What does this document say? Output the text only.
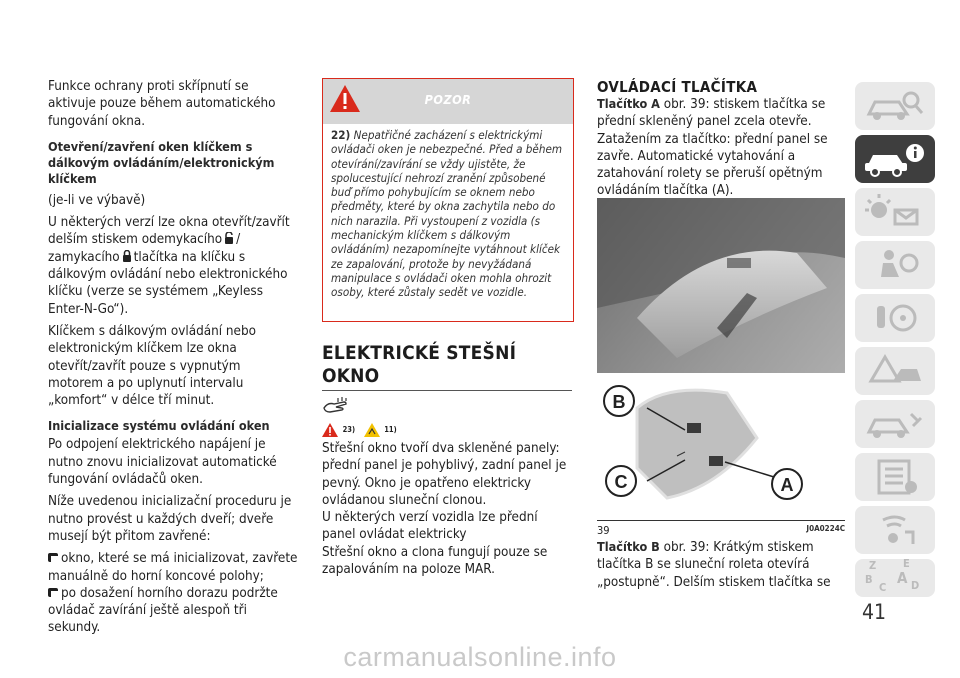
Funkce ochrany proti skřípnutí se aktivuje pouze během automatického fungování okna.

Otevření/zavření oken klíčkem s dálkovým ovládáním/elektronickým klíčkem

(je-li ve výbavě)

U některých verzí lze okna otevřít/zavřít delším stiskem odemykacího / zamykacího tlačítka na klíčku s dálkovým ovládání nebo elektronického klíčku (verze se systémem „Keyless Enter-N-Go“).

Klíčkem s dálkovým ovládání nebo elektronickým klíčkem lze okna otevřít/zavřít pouze s vypnutým motorem a po uplynutí intervalu „komfort“ v délce tří minut.

Inicializace systému ovládání oken

Po odpojení elektrického napájení je nutno znovu inicializovat automatické fungování ovládačů oken.

Níže uvedenou inicializační proceduru je nutno provést u každých dveří; dveře musejí být přitom zavřené:

okno, které se má inicializovat, zavřete manuálně do horní koncové polohy;

po dosažení horního dorazu podržte ovládač zavírání ještě alespoň tři sekundy.

POZOR
22) Nepatřičné zacházení s elektrickými ovládači oken je nebezpečné. Před a během otevírání/zavírání se vždy ujistěte, že spolucestující nehrozí zranění způsobené buď přímo pohybujícím se oknem nebo předměty, které by okna zachytila nebo do nich narazila. Při vystoupení z vozidla (s mechanickým klíčkem s dálkovým ovládáním) nezapomínejte vytáhnout klíček ze zapalování, protože by nevyžádaná manipulace s ovládači oken mohla ohrozit osoby, které zůstaly sedět ve vozidle.

ELEKTRICKÉ STEŠNÍ
OKNO

23)	11)

Střešní okno tvoří dva skleněné panely: přední panel je pohyblivý, zadní panel je pevný. Okno je opatřeno elektricky ovládanou sluneční clonou.

U některých verzí vozidla lze přední panel ovládat elektricky

Střešní okno a clona fungují pouze se zapalováním na poloze MAR.

OVLÁDACÍ TLAČÍTKA

Tlačítko A obr. 39: stiskem tlačítka se přední skleněný panel zcela otevře. Zatažením za tlačítko: přední panel se zavře. Automatické vytahování a zatahování rolety se přeruší opětným ovládáním tlačítka (A).

B
C	A
39	J0A0224C

Tlačítko B obr. 39: Krátkým stiskem tlačítka B se sluneční roleta otevírá „postupně“. Delším stiskem tlačítka se

Z E
B A
C D
41
carmanualsonline.info
